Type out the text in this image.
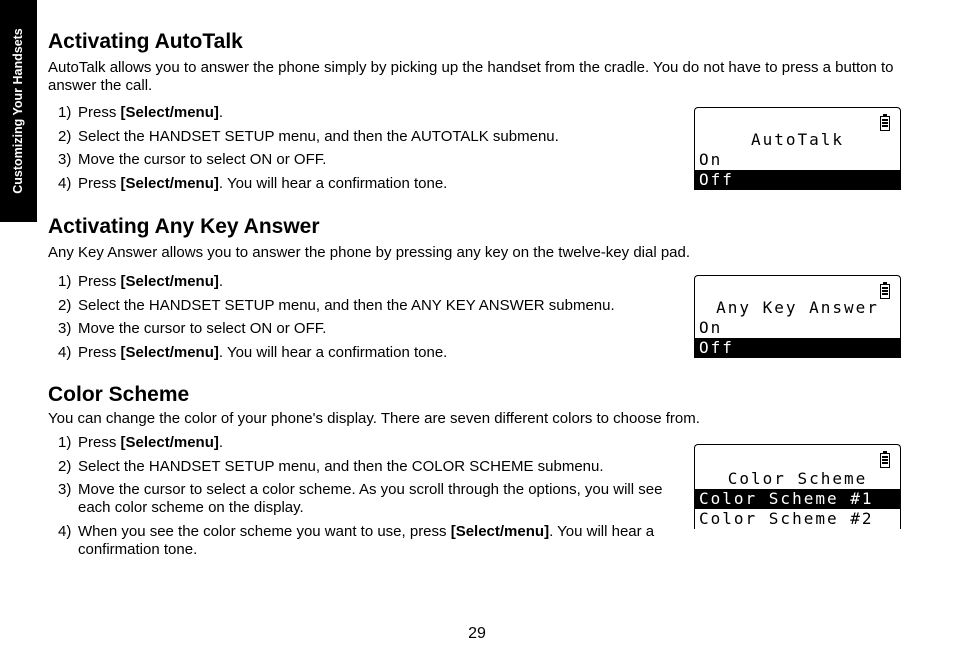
Customizing Your Handsets Activating AutoTalk

AutoTalk allows you to answer the phone simply by picking up the handset from the cradle. You do not have to press a button to answer the call.

1) Press [Select/menu].
2) Select the HANDSET SETUP menu, and then the AUTOTALK submenu.
3) Move the cursor to select ON or OFF.
4) Press [Select/menu]. You will hear a confirmation tone.
AutoTalk
On
Off
Activating Any Key Answer

Any Key Answer allows you to answer the phone by pressing any key on the twelve-key dial pad.

1) Press [Select/menu].
2) Select the HANDSET SETUP menu, and then the ANY KEY ANSWER submenu.
3) Move the cursor to select ON or OFF.
4) Press [Select/menu]. You will hear a confirmation tone.
Any Key Answer
On
Off
Color Scheme

You can change the color of your phone's display. There are seven different colors to choose from.

1) Press [Select/menu].
2) Select the HANDSET SETUP menu, and then the COLOR SCHEME submenu.
3) Move the cursor to select a color scheme. As you scroll through the options, you will see each color scheme on the display.
4) When you see the color scheme you want to use, press [Select/menu]. You will hear a confirmation tone.
Color Scheme
Color Scheme #1
Color Scheme #2
29
